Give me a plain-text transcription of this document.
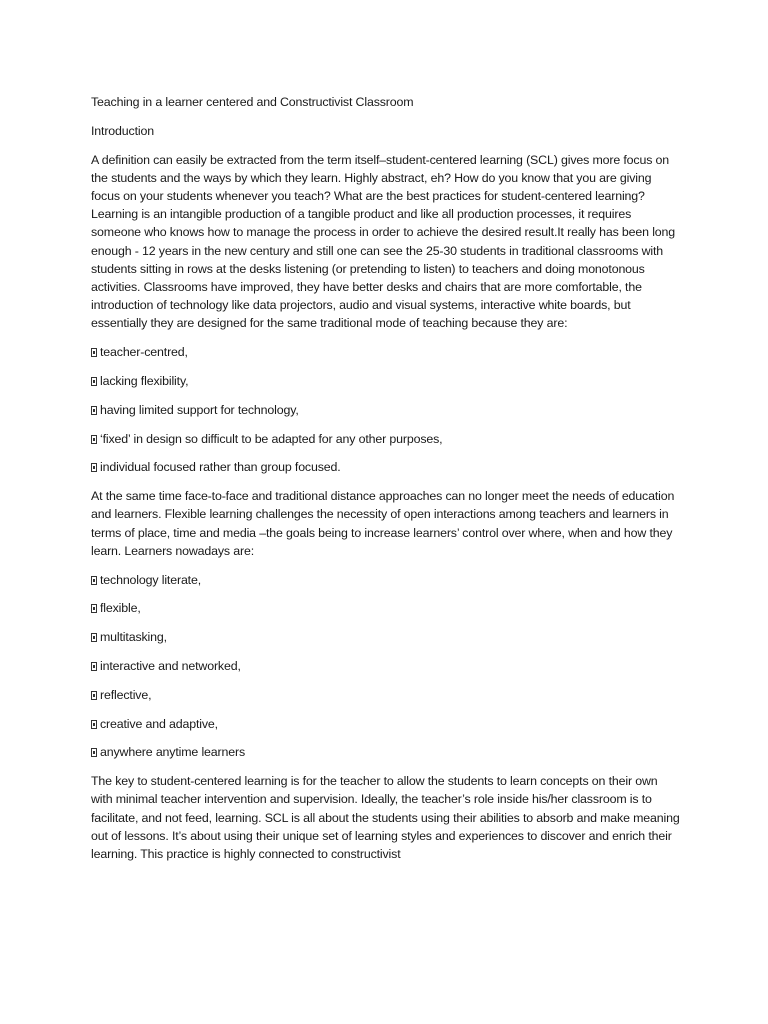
Teaching in a learner centered and Constructivist Classroom

Introduction

A definition can easily be extracted from the term itself–student-centered learning (SCL) gives more focus on the students and the ways by which they learn. Highly abstract, eh? How do you know that you are giving focus on your students whenever you teach? What are the best practices for student-centered learning? Learning is an intangible production of a tangible product and like all production processes, it requires someone who knows how to manage the process in order to achieve the desired result.It really has been long enough - 12 years in the new century and still one can see the 25-30 students in traditional classrooms with students sitting in rows at the desks listening (or pretending to listen) to teachers and doing monotonous activities. Classrooms have improved, they have better desks and chairs that are more comfortable, the introduction of technology like data projectors, audio and visual systems, interactive white boards, but essentially they are designed for the same traditional mode of teaching because they are:

teacher-centred,

lacking flexibility,

having limited support for technology,

‘fixed’ in design so difficult to be adapted for any other purposes,

individual focused rather than group focused.

At the same time face-to-face and traditional distance approaches can no longer meet the needs of education and learners. Flexible learning challenges the necessity of open interactions among teachers and learners in terms of place, time and media –the goals being to increase learners’ control over where, when and how they learn. Learners nowadays are:

technology literate,

flexible,

multitasking,

interactive and networked,

reflective,

creative and adaptive,

anywhere anytime learners

The key to student-centered learning is for the teacher to allow the students to learn concepts on their own with minimal teacher intervention and supervision. Ideally, the teacher’s role inside his/her classroom is to facilitate, and not feed, learning. SCL is all about the students using their abilities to absorb and make meaning out of lessons. It’s about using their unique set of learning styles and experiences to discover and enrich their learning. This practice is highly connected to constructivist
